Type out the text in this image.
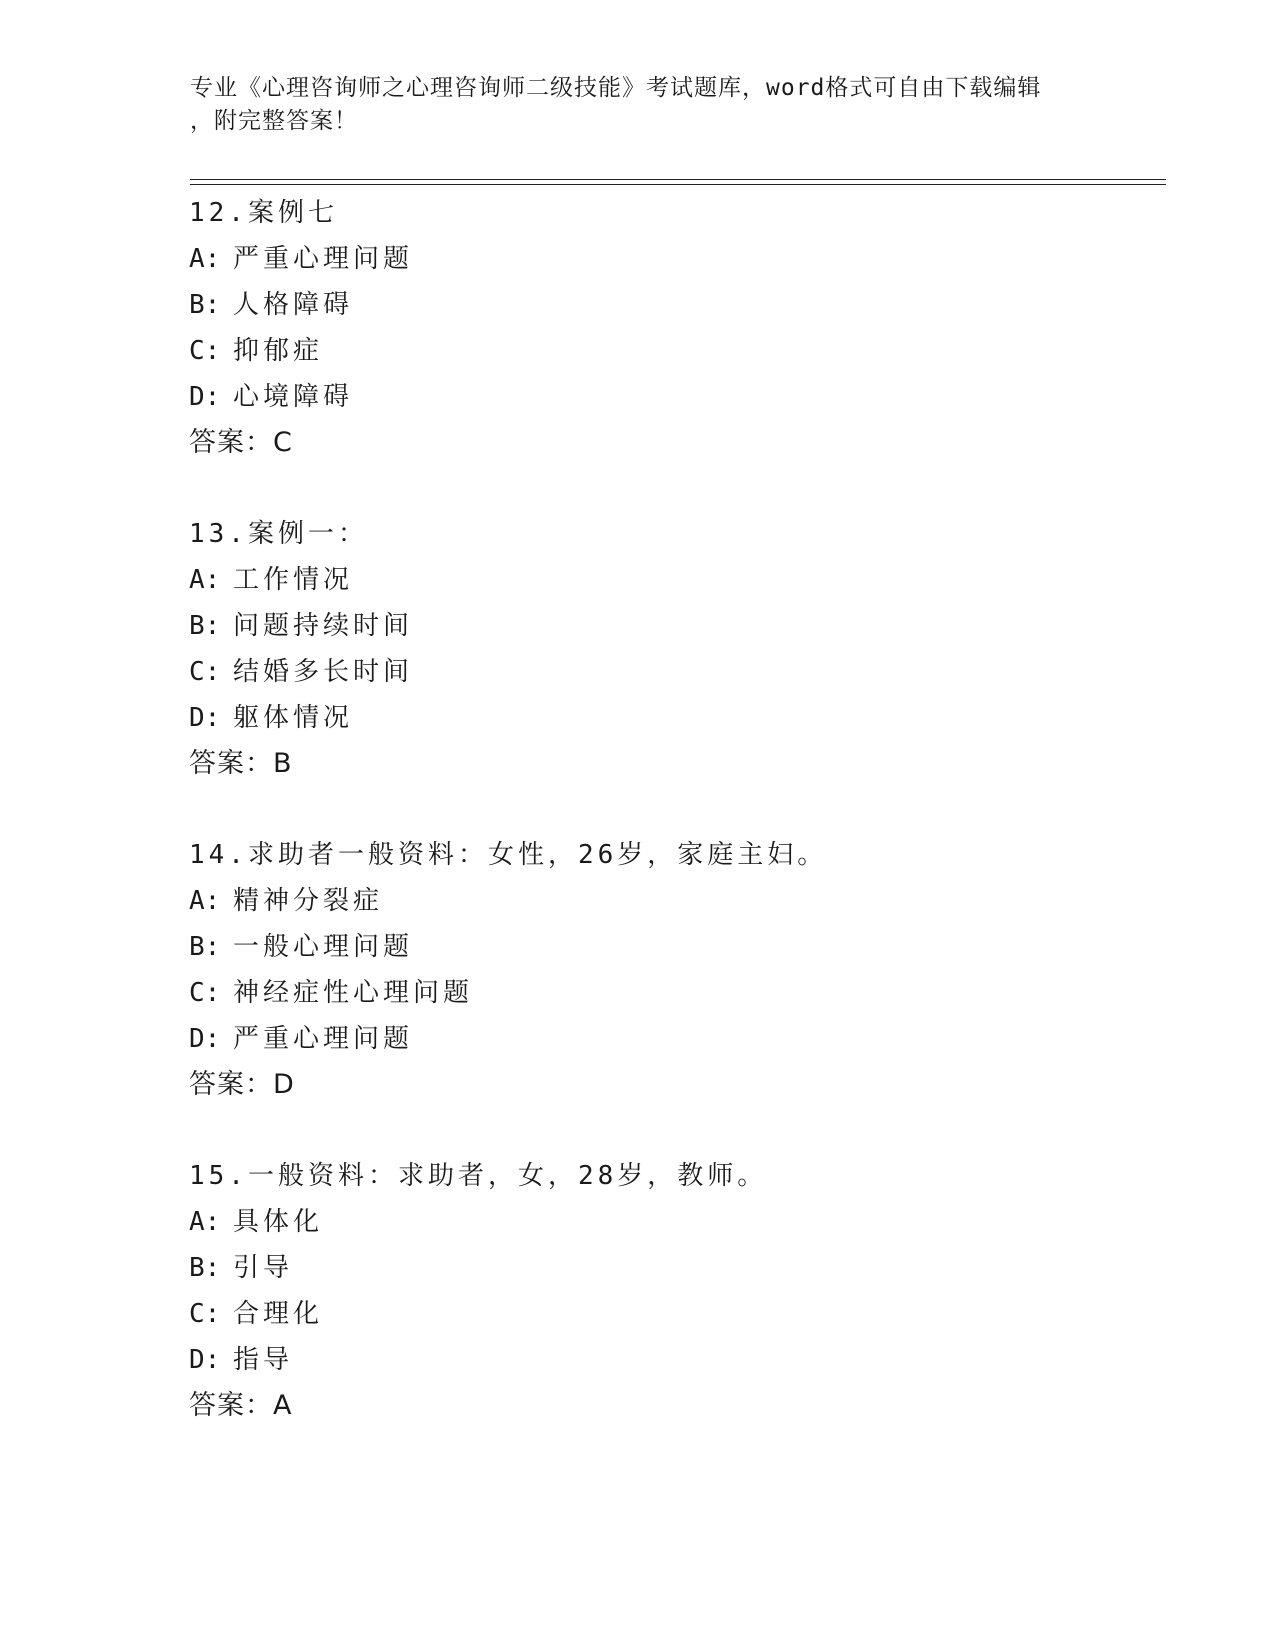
专业《心理咨询师之心理咨询师二级技能》考试题库，word格式可自由下载编辑
，附完整答案！
12.案例七
A: 严重心理问题
B: 人格障碍
C: 抑郁症
D: 心境障碍
答案：C
13.案例一：
A: 工作情况
B: 问题持续时间
C: 结婚多长时间
D: 躯体情况
答案：B
14.求助者一般资料：女性，26岁，家庭主妇。
A: 精神分裂症
B: 一般心理问题
C: 神经症性心理问题
D: 严重心理问题
答案：D
15.一般资料：求助者，女，28岁，教师。
A: 具体化
B: 引导
C: 合理化
D: 指导
答案：A
